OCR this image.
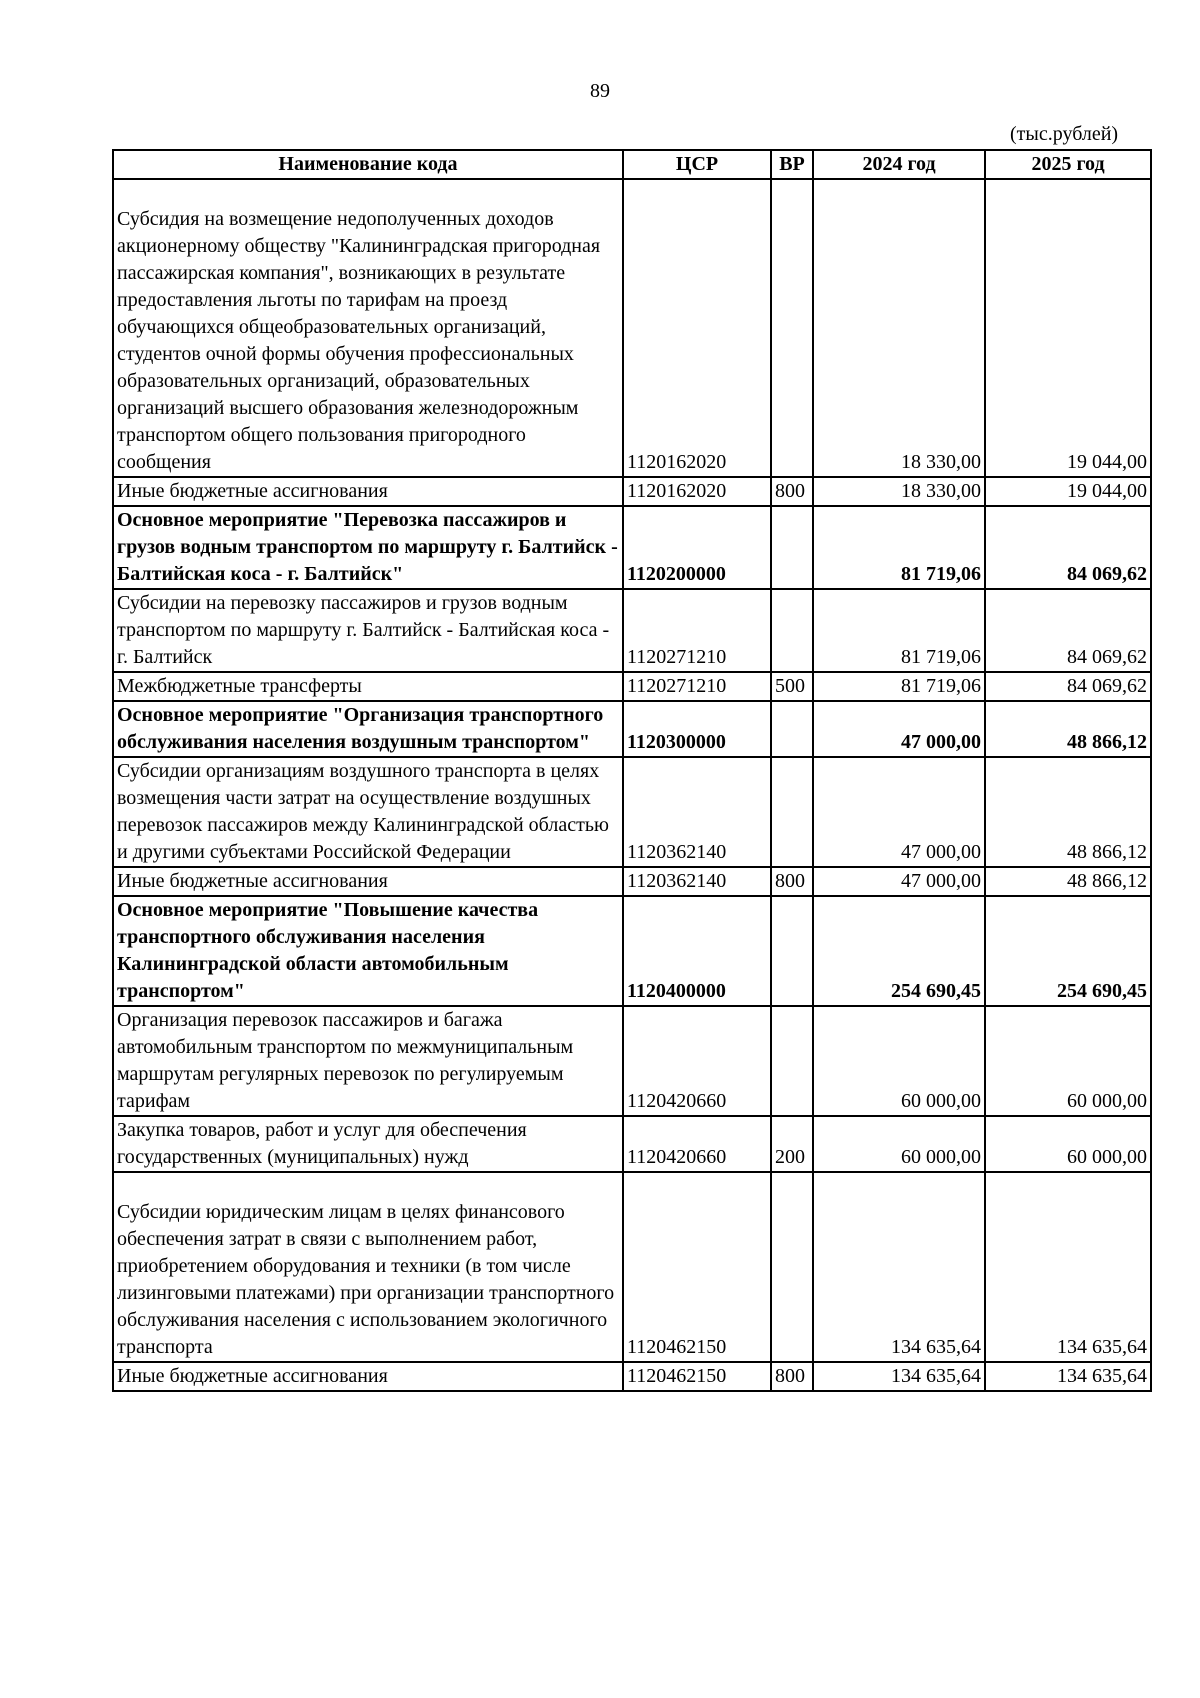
89
(тыс.рублей)
Наименование кода	ЦСР	ВР	2024 год	2025 год
Субсидия на возмещение недополученных доходов акционерному обществу "Калининградская пригородная пассажирская компания", возникающих в результате предоставления льготы по тарифам на проезд обучающихся общеобразовательных организаций, студентов очной формы обучения профессиональных образовательных организаций, образовательных организаций высшего образования железнодорожным транспортом общего пользования пригородного сообщения	1120162020		18 330,00	19 044,00
Иные бюджетные ассигнования	1120162020	800	18 330,00	19 044,00
Основное мероприятие "Перевозка пассажиров и грузов водным транспортом по маршруту г. Балтийск - Балтийская коса - г. Балтийск"	1120200000		81 719,06	84 069,62
Субсидии на перевозку пассажиров и грузов водным транспортом по маршруту г. Балтийск - Балтийская коса - г. Балтийск	1120271210		81 719,06	84 069,62
Межбюджетные трансферты	1120271210	500	81 719,06	84 069,62
Основное мероприятие "Организация транспортного обслуживания населения воздушным транспортом"	1120300000		47 000,00	48 866,12
Субсидии организациям воздушного транспорта в целях возмещения части затрат на осуществление воздушных перевозок пассажиров между Калининградской областью и другими субъектами Российской Федерации	1120362140		47 000,00	48 866,12
Иные бюджетные ассигнования	1120362140	800	47 000,00	48 866,12
Основное мероприятие "Повышение качества транспортного обслуживания населения Калининградской области автомобильным транспортом"	1120400000		254 690,45	254 690,45
Организация перевозок пассажиров и багажа автомобильным транспортом по межмуниципальным маршрутам регулярных перевозок по регулируемым тарифам	1120420660		60 000,00	60 000,00
Закупка товаров, работ и услуг для обеспечения государственных (муниципальных) нужд	1120420660	200	60 000,00	60 000,00
Субсидии юридическим лицам в целях финансового обеспечения затрат в связи с выполнением работ, приобретением оборудования и техники (в том числе лизинговыми платежами) при организации транспортного обслуживания населения с использованием экологичного транспорта	1120462150		134 635,64	134 635,64
Иные бюджетные ассигнования	1120462150	800	134 635,64	134 635,64
